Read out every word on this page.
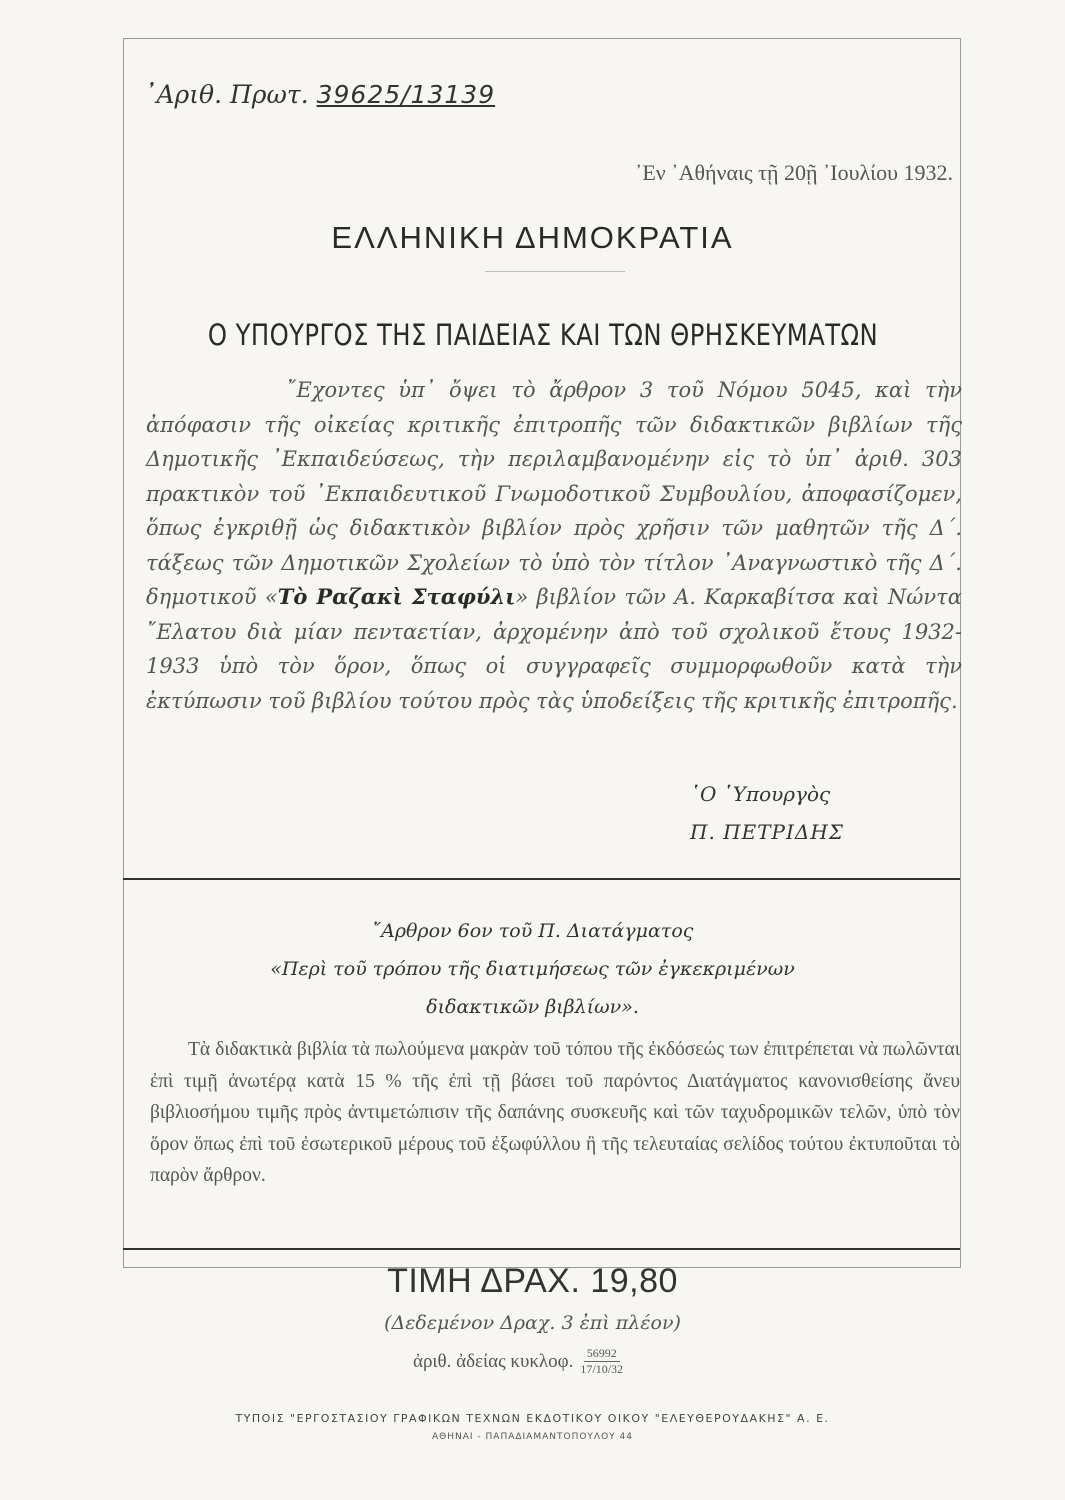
᾽Αριθ. Πρωτ. 39625/13139
᾽Εν ᾽Αθήναις τῇ 20ῇ ᾽Ιουλίου 1932.
ΕΛΛΗΝΙΚΗ ΔΗΜΟΚΡΑΤΙΑ
Ο ΥΠΟΥΡΓΟΣ ΤΗΣ ΠΑΙΔΕΙΑΣ ΚΑΙ ΤΩΝ ΘΡΗΣΚΕΥΜΑΤΩΝ
῎Εχοντες ὑπ᾽ ὄψει τὸ ἄρθρον 3 τοῦ Νόμου 5045, καὶ τὴν ἀπόφασιν τῆς οἰκείας κριτικῆς ἐπιτροπῆς τῶν διδακτικῶν βιβλίων τῆς Δημοτικῆς ᾽Εκπαιδεύσεως, τὴν περιλαμβανομένην εἰς τὸ ὑπ᾽ ἀριθ. 303 πρακτικὸν τοῦ ᾽Εκπαιδευτικοῦ Γνωμοδοτικοῦ Συμβουλίου, ἀποφασίζομεν, ὅπως ἐγκριθῇ ὡς διδακτικὸν βιβλίον πρὸς χρῆσιν τῶν μαθητῶν τῆς Δ΄. τάξεως τῶν Δημοτικῶν Σχολείων τὸ ὑπὸ τὸν τίτλον ᾽Αναγνωστικὸ τῆς Δ΄. δημοτικοῦ «Τὸ Ραζακὶ Σταφύλι» βιβλίον τῶν Α. Καρκαβίτσα καὶ Νώντα ῎Ελατου διὰ μίαν πενταετίαν, ἀρχομένην ἀπὸ τοῦ σχολικοῦ ἔτους 1932-1933 ὑπὸ τὸν ὅρον, ὅπως οἱ συγγραφεῖς συμμορφωθοῦν κατὰ τὴν ἐκτύπωσιν τοῦ βιβλίου τούτου πρὸς τὰς ὑποδείξεις τῆς κριτικῆς ἐπιτροπῆς.
῾Ο ῾Υπουργὸς
Π. ΠΕΤΡΙΔΗΣ
῎Αρθρον 6ον τοῦ Π. Διατάγματος
«Περὶ τοῦ τρόπου τῆς διατιμήσεως τῶν ἐγκεκριμένων
διδακτικῶν βιβλίων».
Τὰ διδακτικὰ βιβλία τὰ πωλούμενα μακρὰν τοῦ τόπου τῆς ἐκδόσεώς των ἐπιτρέπεται νὰ πωλῶνται ἐπὶ τιμῇ ἀνωτέρᾳ κατὰ 15 % τῆς ἐπὶ τῇ βάσει τοῦ παρόντος Διατάγματος κανονισθείσης ἄνευ βιβλιοσήμου τιμῆς πρὸς ἀντιμετώπισιν τῆς δαπάνης συσκευῆς καὶ τῶν ταχυδρομικῶν τελῶν, ὑπὸ τὸν ὅρον ὅπως ἐπὶ τοῦ ἐσωτερικοῦ μέρους τοῦ ἐξωφύλλου ἢ τῆς τελευταίας σελίδος τούτου ἐκτυποῦται τὸ παρὸν ἄρθρον.
ΤΙΜΗ ΔΡΑΧ. 19,80
(Δεδεμένον Δραχ. 3 ἐπὶ πλέον)
ἀριθ. ἀδείας κυκλοφ. $\frac{56992}{17/10/32}$
ΤΥΠΟΙΣ "ΕΡΓΟΣΤΑΣΙΟΥ ΓΡΑΦΙΚΩΝ ΤΕΧΝΩΝ ΕΚΔΟΤΙΚΟΥ ΟΙΚΟΥ "ΕΛΕΥΘΕΡΟΥΔΑΚΗΣ" Α. Ε.
ΑΘΗΝΑΙ - ΠΑΠΑΔΙΑΜΑΝΤΟΠΟΥΛΟΥ 44
